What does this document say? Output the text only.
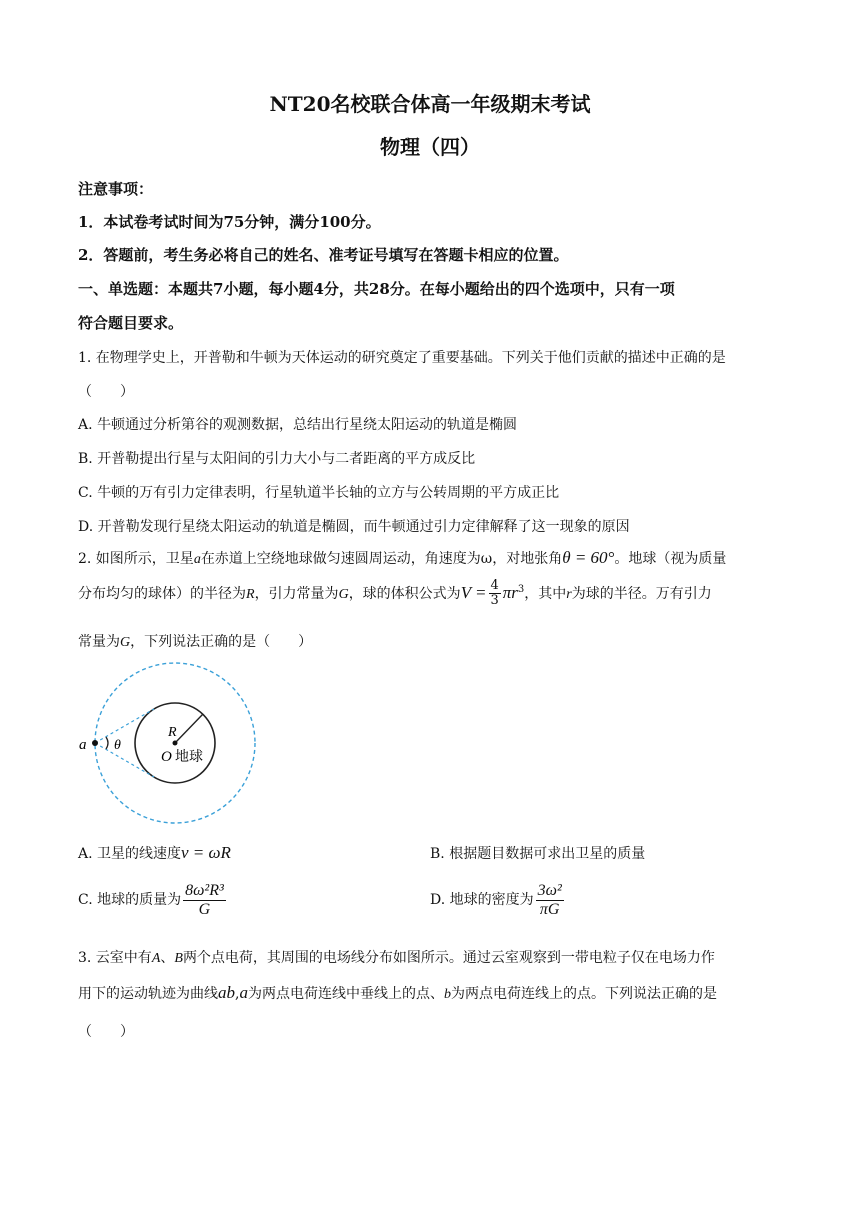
NT20名校联合体高一年级期末考试
物理（四）
注意事项：
1．本试卷考试时间为75分钟，满分100分。
2．答题前，考生务必将自己的姓名、准考证号填写在答题卡相应的位置。
一、单选题：本题共7小题，每小题4分，共28分。在每小题给出的四个选项中，只有一项
符合题目要求。
1. 在物理学史上，开普勒和牛顿为天体运动的研究奠定了重要基础。下列关于他们贡献的描述中正确的是
（　　）
A. 牛顿通过分析第谷的观测数据，总结出行星绕太阳运动的轨道是椭圆
B. 开普勒提出行星与太阳间的引力大小与二者距离的平方成反比
C. 牛顿的万有引力定律表明，行星轨道半长轴的立方与公转周期的平方成正比
D. 开普勒发现行星绕太阳运动的轨道是椭圆，而牛顿通过引力定律解释了这一现象的原因
2. 如图所示，卫星a在赤道上空绕地球做匀速圆周运动，角速度为ω，对地张角θ = 60°。地球（视为质量
分布均匀的球体）的半径为R，引力常量为G，球的体积公式为$V = \frac{4}{3} \pi r^3$，其中r为球的半径。万有引力
常量为G，下列说法正确的是（　　）
a θ
R
O 地球
A. 卫星的线速度v = ωR	B. 根据题目数据可求出卫星的质量
C. 地球的质量为 $\frac{\text{8ω²R³}}{G}$	D. 地球的密度为 $\frac{\text{3ω²}}{\pi G}$
3. 云室中有A、B两个点电荷，其周围的电场线分布如图所示。通过云室观察到一带电粒子仅在电场力作
用下的运动轨迹为曲线ab,a为两点电荷连线中垂线上的点、b为两点电荷连线上的点。下列说法正确的是
（　　）
